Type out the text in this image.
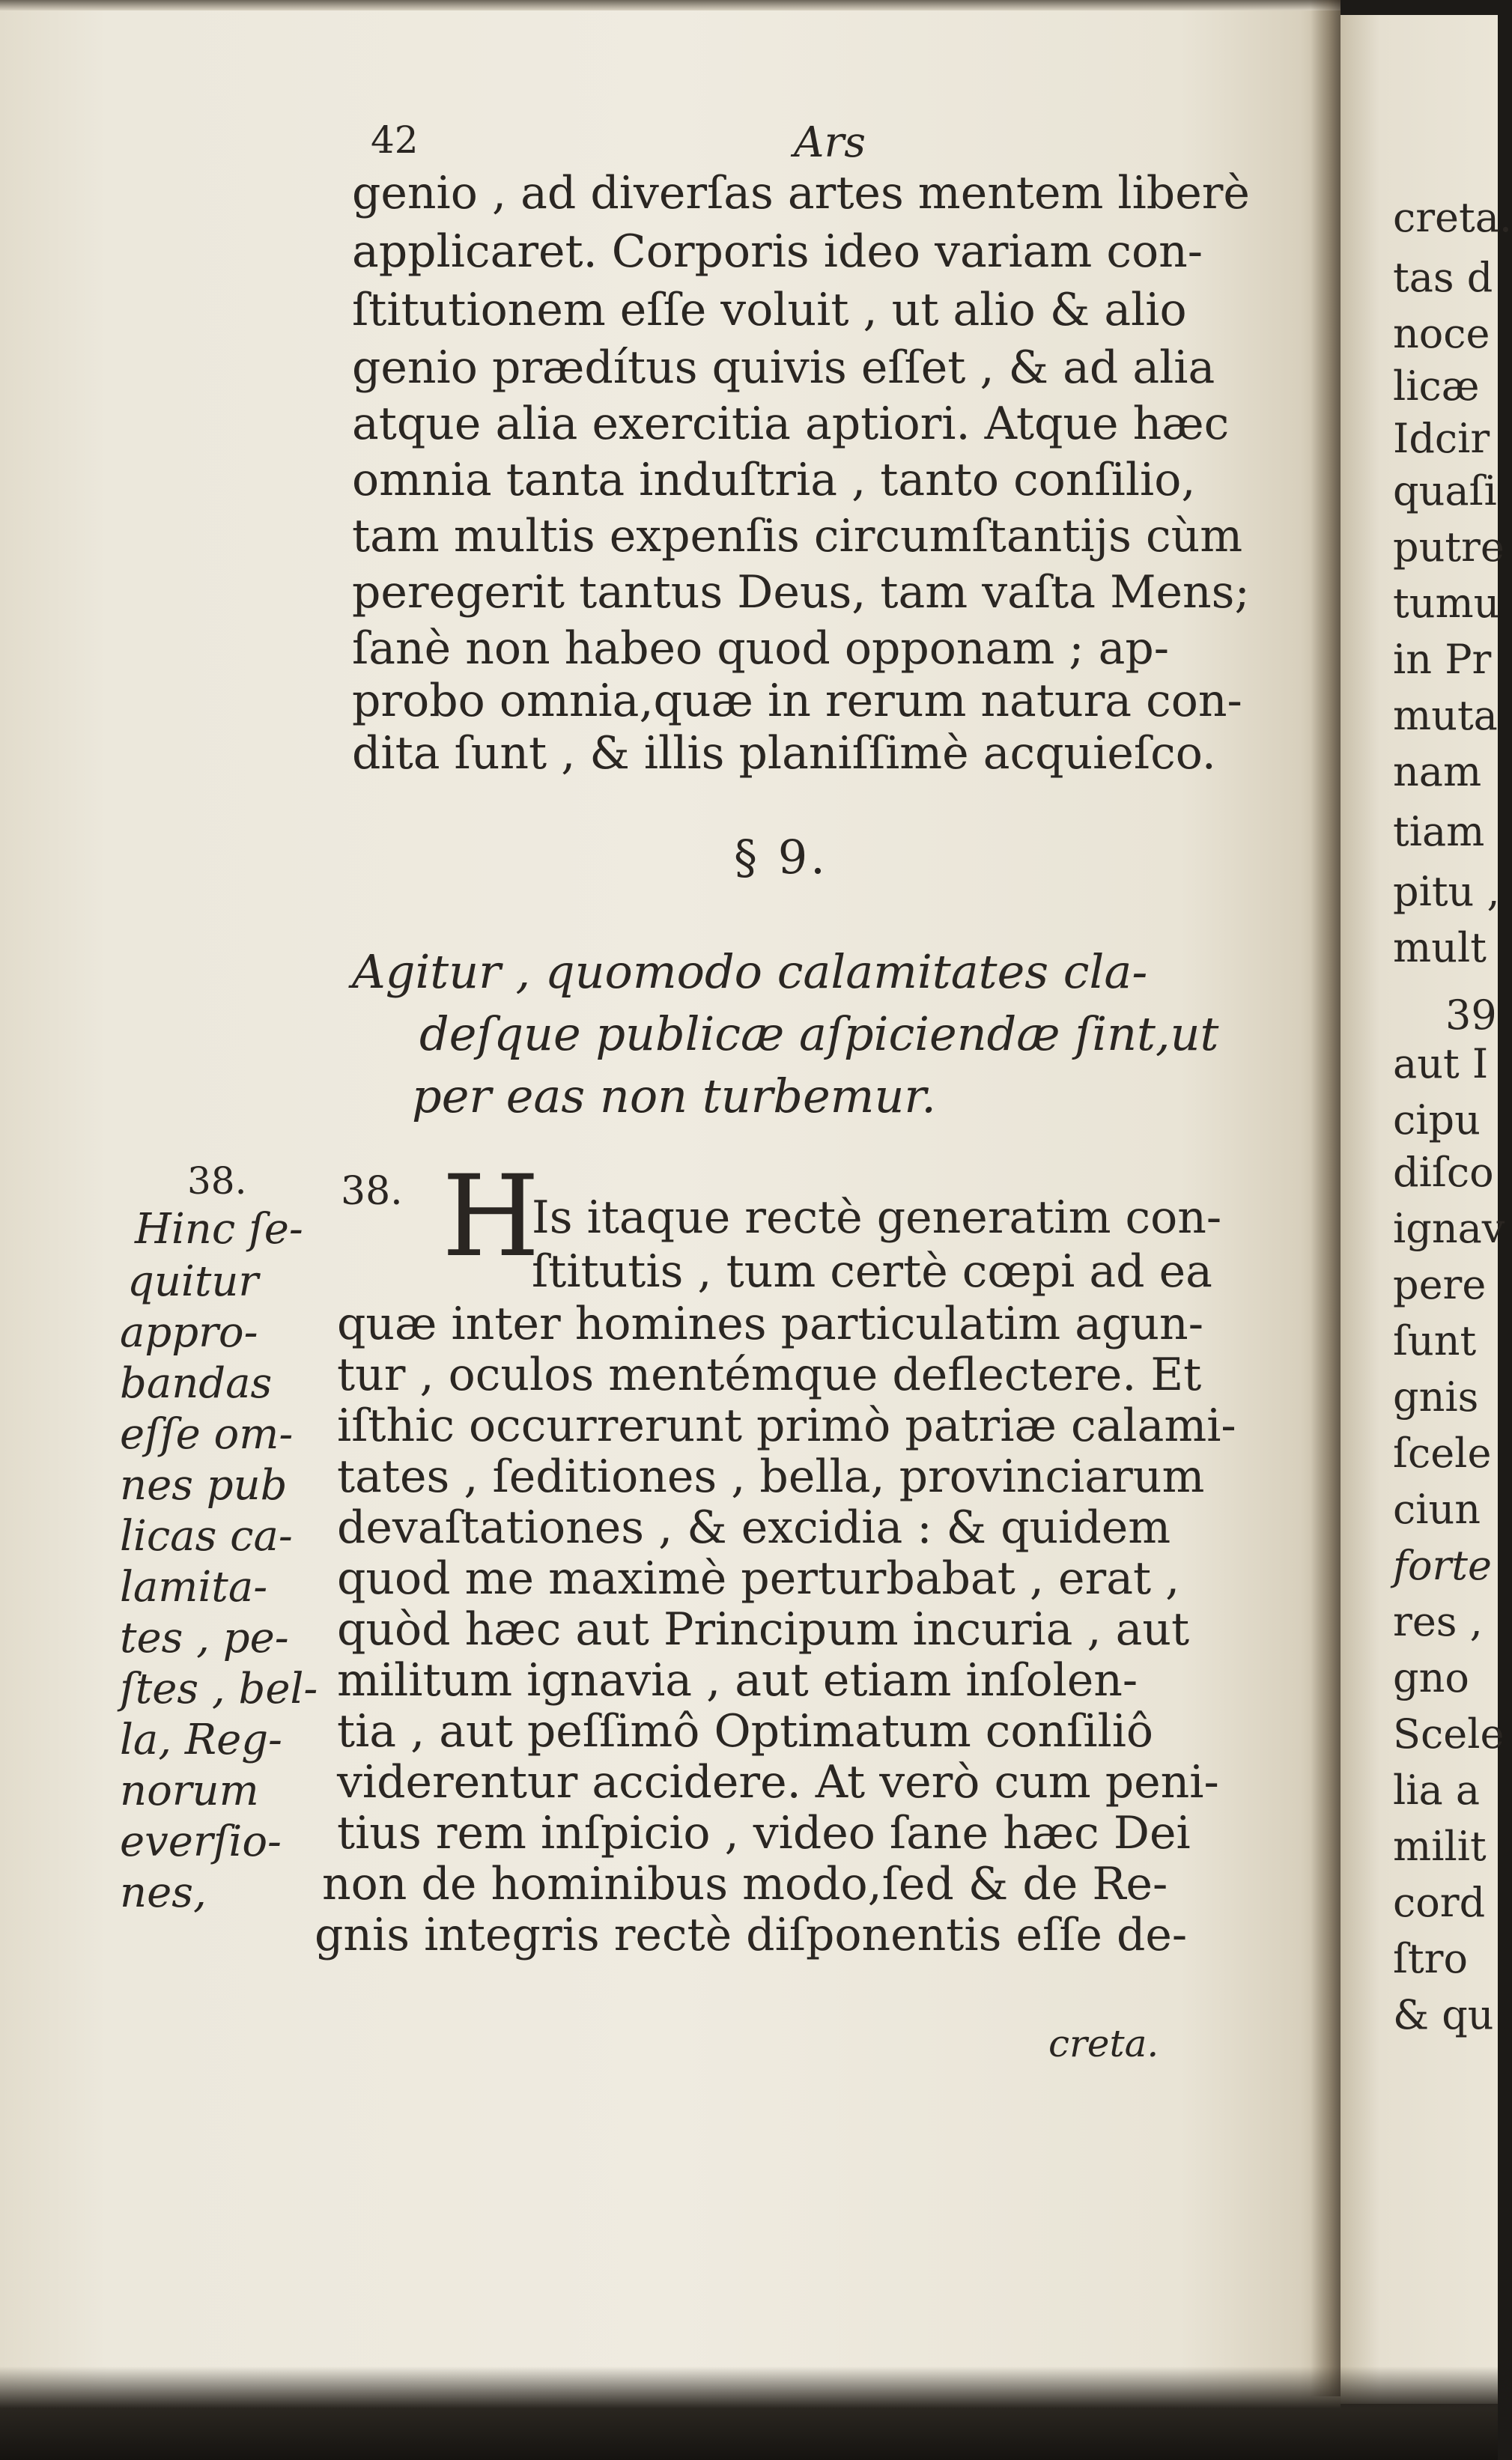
creta.
tas d
noce
licæ
Idcir
quaſi
putre
tumu
in Pr
muta
nam
tiam
pitu ,
mult
39
aut I
cipu
diſco
ignav
pere
ſunt
gnis
ſcele
ciun
forte
res ,
gno
Scele
lia a
milit
cord
ſtro
& qu
42	Ars
genio , ad diverſas artes mentem liberè
applicaret. Corporis ideo variam con-
ſtitutionem eſſe voluit , ut alio & alio
genio prædítus quivis eſſet , & ad alia
atque alia exercitia aptiori. Atque hæc
omnia tanta induſtria , tanto conſilio,
tam multis expenſis circumſtantijs cùm
peregerit tantus Deus, tam vaſta Mens;
ſanè non habeo quod opponam ; ap-
probo omnia,quæ in rerum natura con-
dita ſunt , & illis planiſſimè acquieſco.
§ 9.
Agitur , quomodo calamitates cla-
deſque publicæ aſpiciendæ ſint,ut
per eas non turbemur.
38. H
Is itaque rectè generatim con-
ſtitutis , tum certè cœpi ad ea
quæ inter homines particulatim agun-
tur , oculos mentémque deflectere. Et
iſthic occurrerunt primò patriæ calami-
tates , ſeditiones , bella, provinciarum
devaſtationes , & excidia : & quidem
quod me maximè perturbabat , erat ,
quòd hæc aut Principum incuria , aut
militum ignavia , aut etiam inſolen-
tia , aut peſſimô Optimatum conſiliô
viderentur accidere. At verò cum peni-
tius rem inſpicio , video ſane hæc Dei
non de hominibus modo,ſed & de Re-
gnis integris rectè diſponentis eſſe de-
creta.
38.
Hinc ſe-
quitur
appro-
bandas
eſſe om-
nes pub
licas ca-
lamita-
tes , pe-
ſtes , bel-
la, Reg-
norum
everſio-
nes,
